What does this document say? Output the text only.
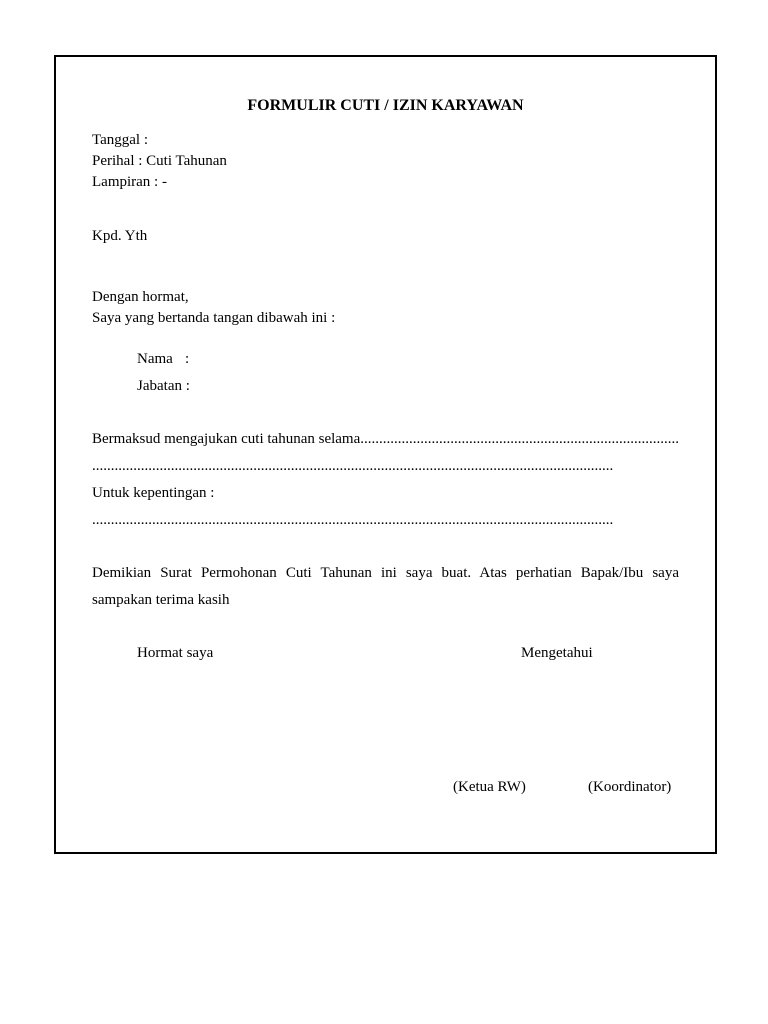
FORMULIR CUTI / IZIN KARYAWAN
Tanggal :
Perihal : Cuti Tahunan
Lampiran : -
Kpd. Yth
Dengan hormat,
Saya yang bertanda tangan dibawah ini :
Nama :
Jabatan :
Bermaksud mengajukan cuti tahunan selama.....................................................................................
...........................................................................................................................................
Untuk kepentingan :
...........................................................................................................................................
Demikian Surat Permohonan Cuti Tahunan ini saya buat. Atas perhatian Bapak/Ibu saya
sampakan terima kasih
Hormat saya	Mengetahui
(Ketua RW)	(Koordinator)
